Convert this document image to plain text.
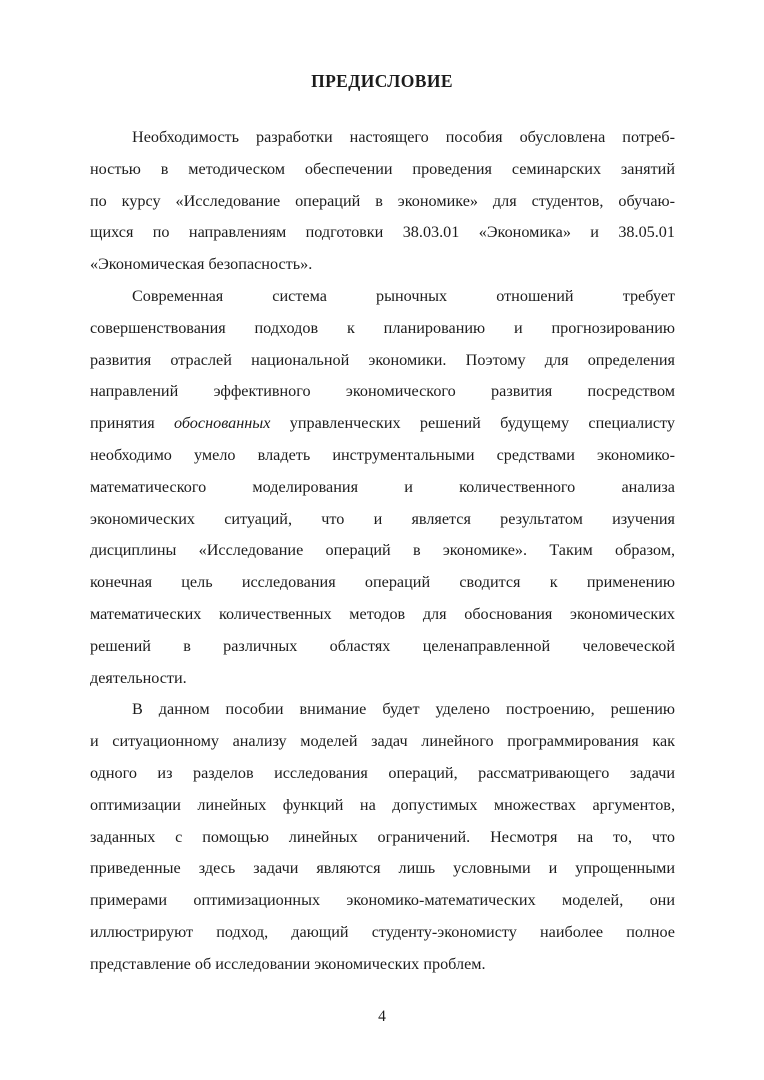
ПРЕДИСЛОВИЕ
Необходимость разработки настоящего пособия обусловлена потреб-
ностью в методическом обеспечении проведения семинарских занятий
по курсу «Исследование операций в экономике» для студентов, обучаю-
щихся по направлениям подготовки 38.03.01 «Экономика» и 38.05.01
«Экономическая безопасность».
Современная система рыночных отношений требует
совершенствования подходов к планированию и прогнозированию
развития отраслей национальной экономики. Поэтому для определения
направлений эффективного экономического развития посредством
принятия обоснованных управленческих решений будущему специалисту
необходимо умело владеть инструментальными средствами экономико-
математического моделирования и количественного анализа
экономических ситуаций, что и является результатом изучения
дисциплины «Исследование операций в экономике». Таким образом,
конечная цель исследования операций сводится к применению
математических количественных методов для обоснования экономических
решений в различных областях целенаправленной человеческой
деятельности.
В данном пособии внимание будет уделено построению, решению
и ситуационному анализу моделей задач линейного программирования как
одного из разделов исследования операций, рассматривающего задачи
оптимизации линейных функций на допустимых множествах аргументов,
заданных с помощью линейных ограничений. Несмотря на то, что
приведенные здесь задачи являются лишь условными и упрощенными
примерами оптимизационных экономико-математических моделей, они
иллюстрируют подход, дающий студенту-экономисту наиболее полное
представление об исследовании экономических проблем.
4
